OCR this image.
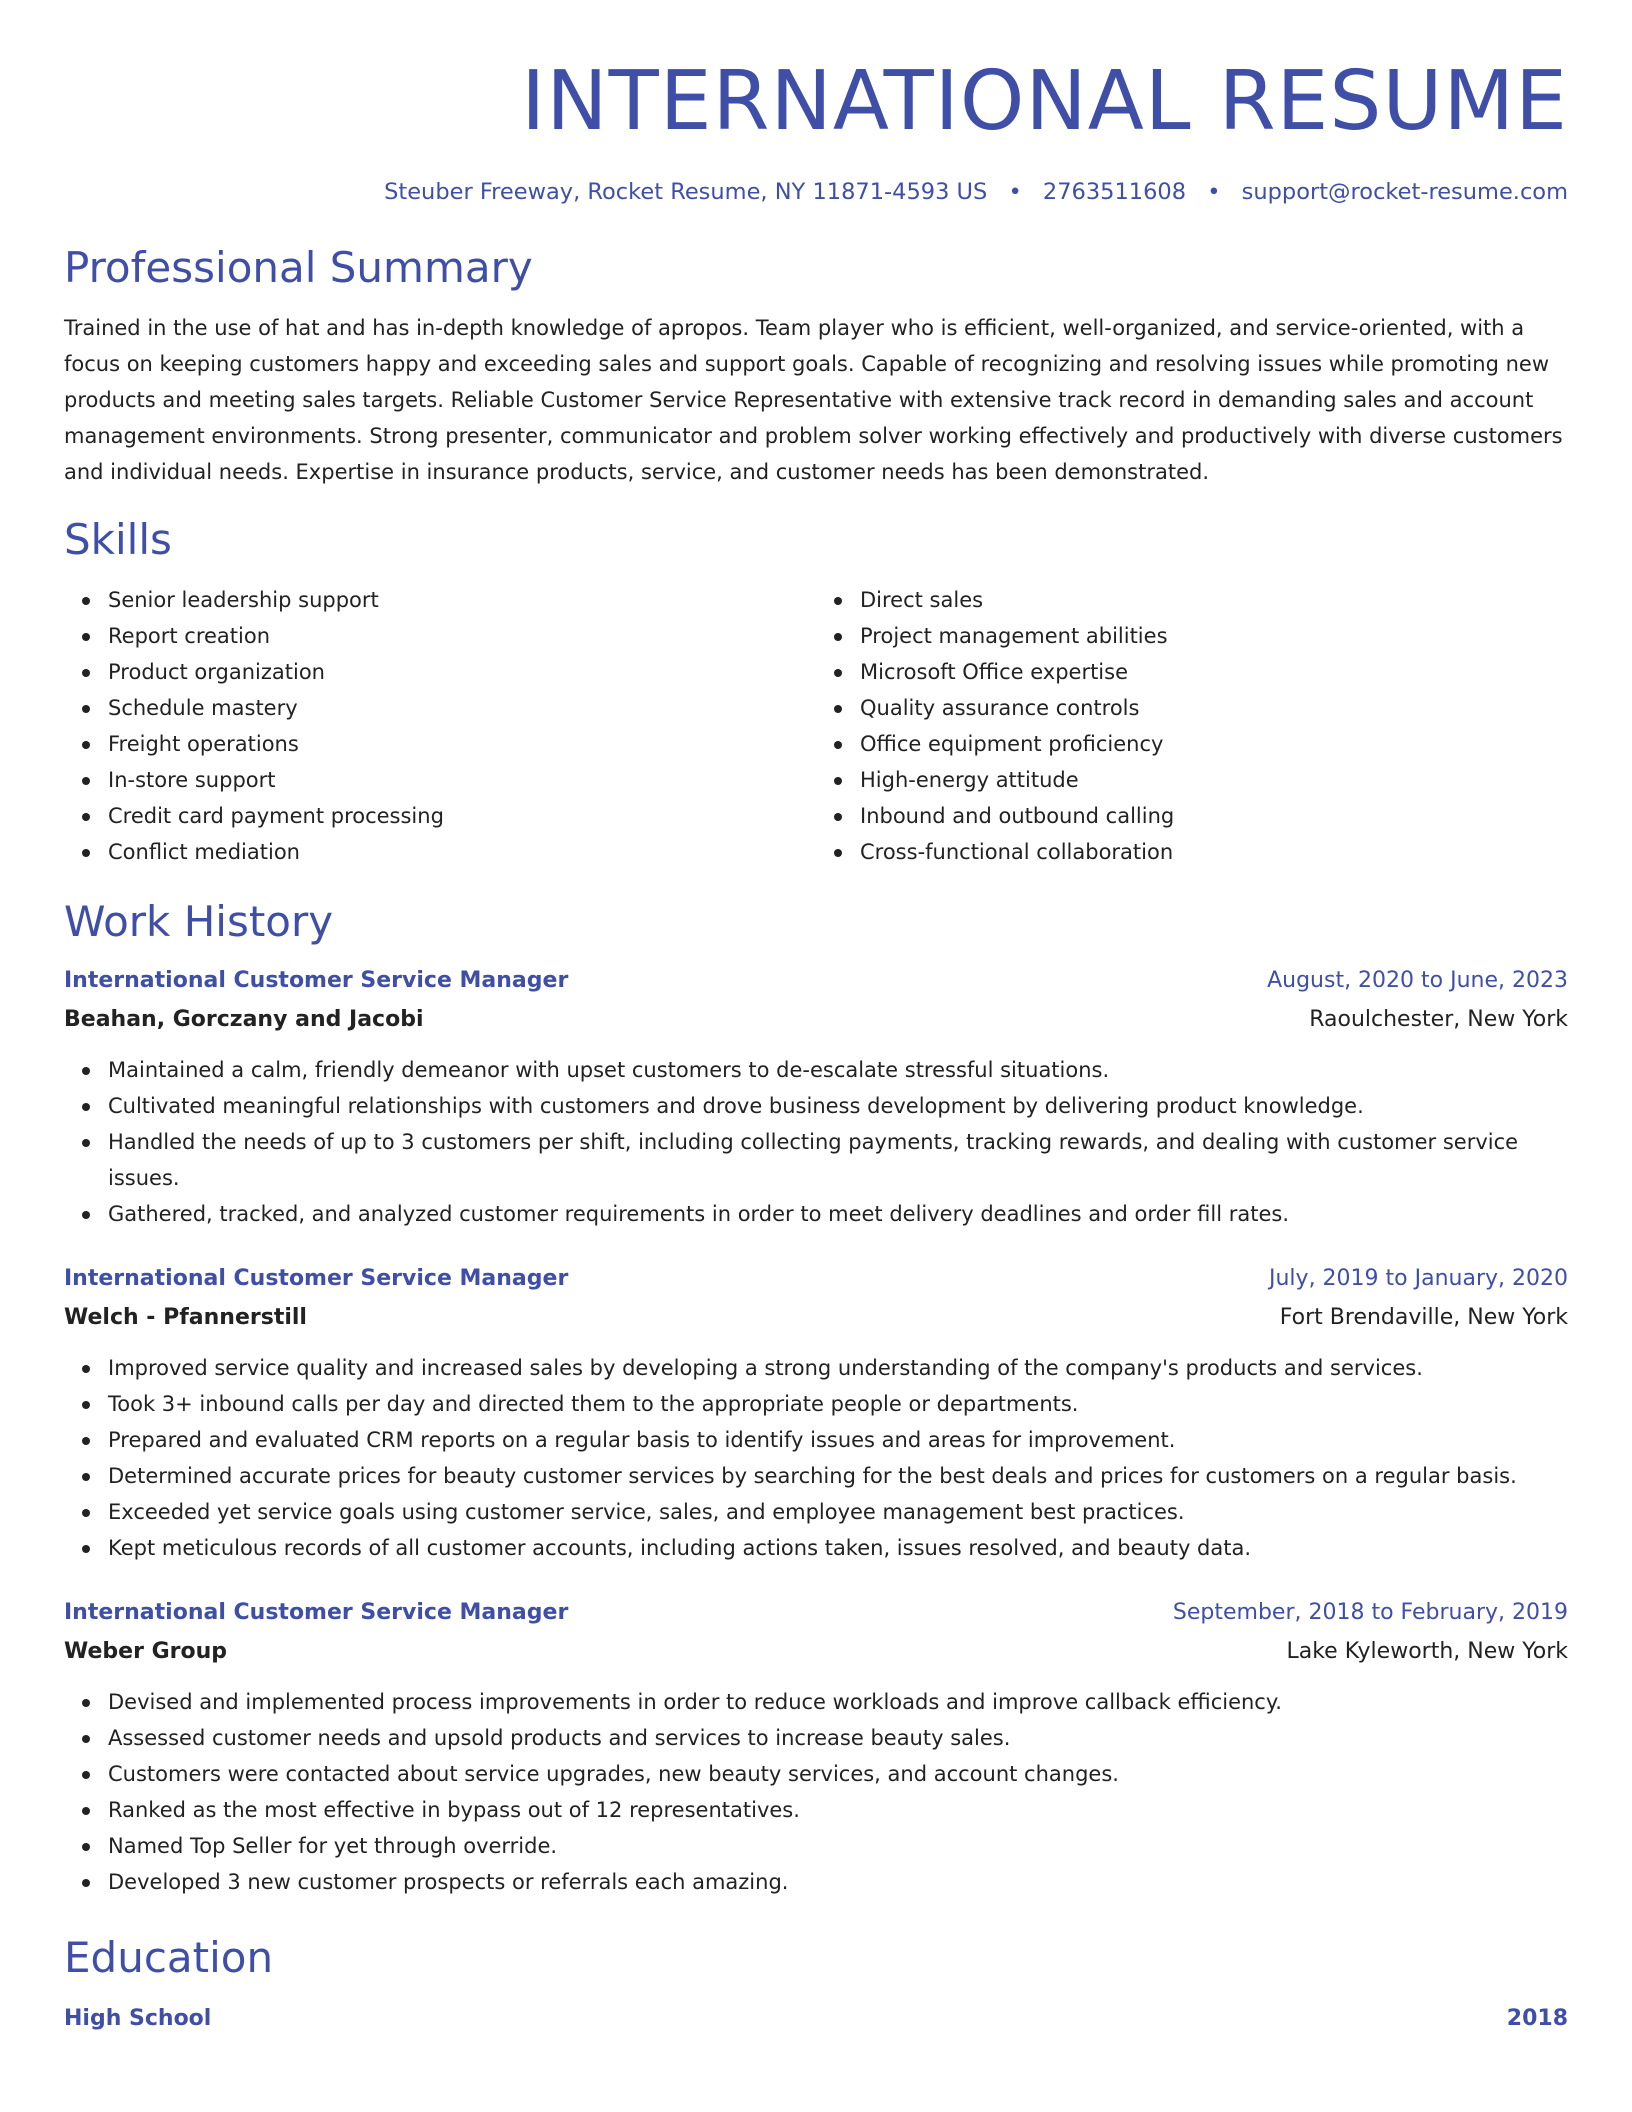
INTERNATIONAL RESUME
Steuber Freeway, Rocket Resume, NY 11871-4593 US • 2763511608 • support@rocket-resume.com
Professional Summary

Trained in the use of hat and has in-depth knowledge of apropos. Team player who is efficient, well-organized, and service-oriented, with a focus on keeping customers happy and exceeding sales and support goals. Capable of recognizing and resolving issues while promoting new products and meeting sales targets. Reliable Customer Service Representative with extensive track record in demanding sales and account management environments. Strong presenter, communicator and problem solver working effectively and productively with diverse customers and individual needs. Expertise in insurance products, service, and customer needs has been demonstrated.

Skills
Senior leadership support
Report creation
Product organization
Schedule mastery
Freight operations
In-store support
Credit card payment processing
Conflict mediation
Direct sales
Project management abilities
Microsoft Office expertise
Quality assurance controls
Office equipment proficiency
High-energy attitude
Inbound and outbound calling
Cross-functional collaboration
Work History
International Customer Service Manager	August, 2020 to June, 2023
Beahan, Gorczany and Jacobi	Raoulchester, New York
Maintained a calm, friendly demeanor with upset customers to de-escalate stressful situations.
Cultivated meaningful relationships with customers and drove business development by delivering product knowledge.
Handled the needs of up to 3 customers per shift, including collecting payments, tracking rewards, and dealing with customer service issues.
Gathered, tracked, and analyzed customer requirements in order to meet delivery deadlines and order fill rates.
International Customer Service Manager	July, 2019 to January, 2020
Welch - Pfannerstill	Fort Brendaville, New York
Improved service quality and increased sales by developing a strong understanding of the company's products and services.
Took 3+ inbound calls per day and directed them to the appropriate people or departments.
Prepared and evaluated CRM reports on a regular basis to identify issues and areas for improvement.
Determined accurate prices for beauty customer services by searching for the best deals and prices for customers on a regular basis.
Exceeded yet service goals using customer service, sales, and employee management best practices.
Kept meticulous records of all customer accounts, including actions taken, issues resolved, and beauty data.
International Customer Service Manager	September, 2018 to February, 2019
Weber Group	Lake Kyleworth, New York
Devised and implemented process improvements in order to reduce workloads and improve callback efficiency.
Assessed customer needs and upsold products and services to increase beauty sales.
Customers were contacted about service upgrades, new beauty services, and account changes.
Ranked as the most effective in bypass out of 12 representatives.
Named Top Seller for yet through override.
Developed 3 new customer prospects or referrals each amazing.
Education
High School	2018
